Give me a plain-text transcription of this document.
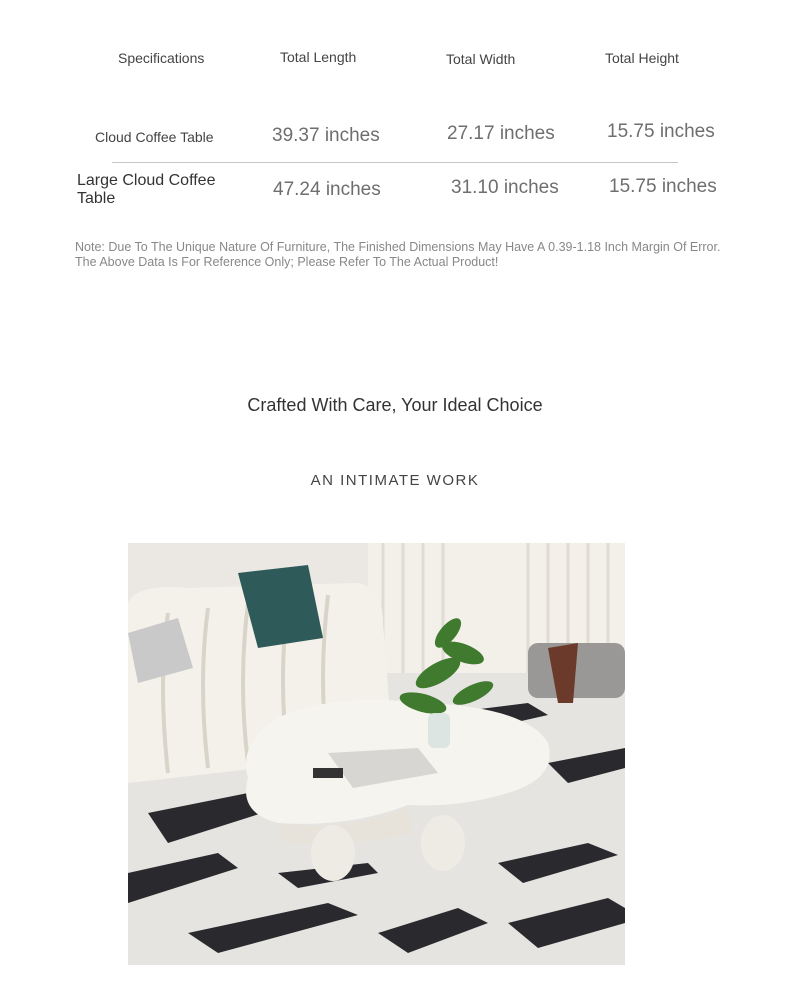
Specifications	Total Length	Total Width	Total Height
Cloud Coffee Table	39.37 inches	27.17 inches	15.75 inches
Large Cloud Coffee Table	47.24 inches	31.10 inches	15.75 inches
Note: Due To The Unique Nature Of Furniture, The Finished Dimensions May Have A 0.39-1.18 Inch Margin Of Error. The Above Data Is For Reference Only; Please Refer To The Actual Product!
Crafted With Care, Your Ideal Choice
AN INTIMATE WORK
